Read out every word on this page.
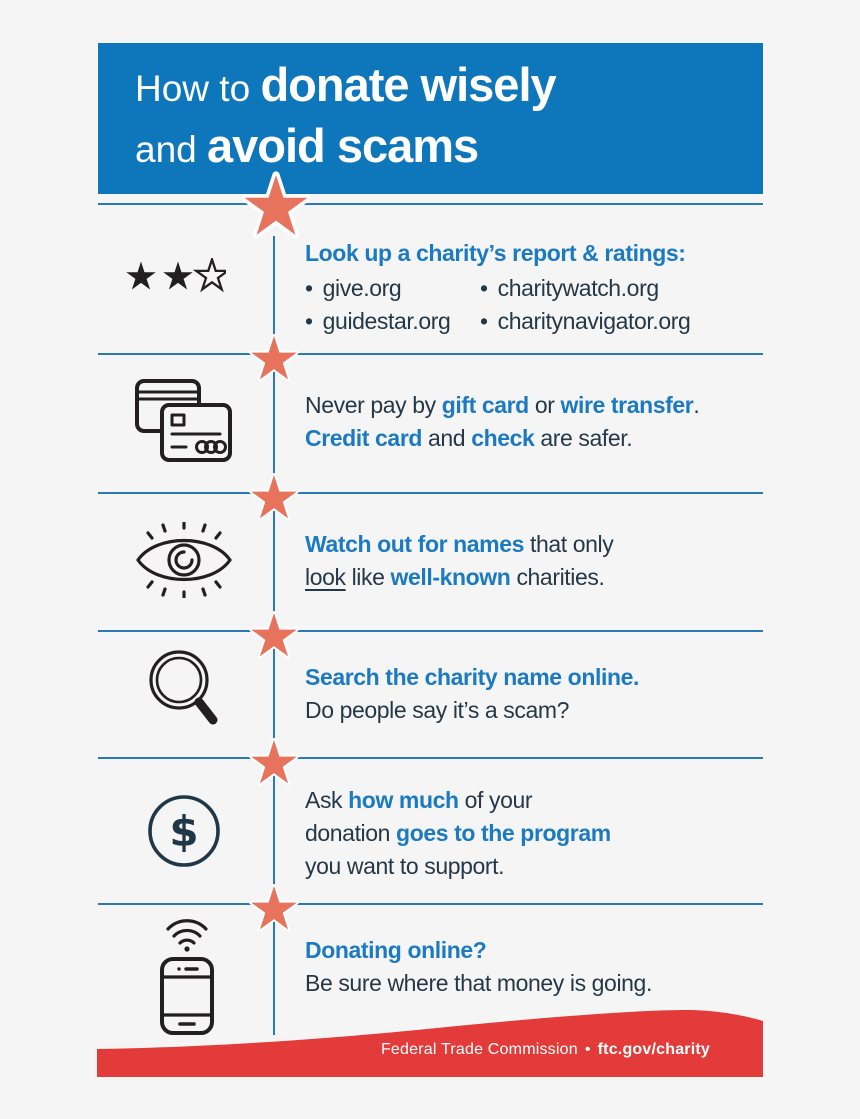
How to donate wisely
and avoid scams
Look up a charity’s report & ratings:
• give.org	• charitywatch.org
• guidestar.org • charitynavigator.org
Never pay by gift card or wire transfer.
Credit card and check are safer.
Watch out for names that only
look like well-known charities.
Search the charity name online.
Do people say it’s a scam?
$
Ask how much of your
donation goes to the program
you want to support.
Donating online?
Be sure where that money is going.
Federal Trade Commission • ftc.gov/charity
